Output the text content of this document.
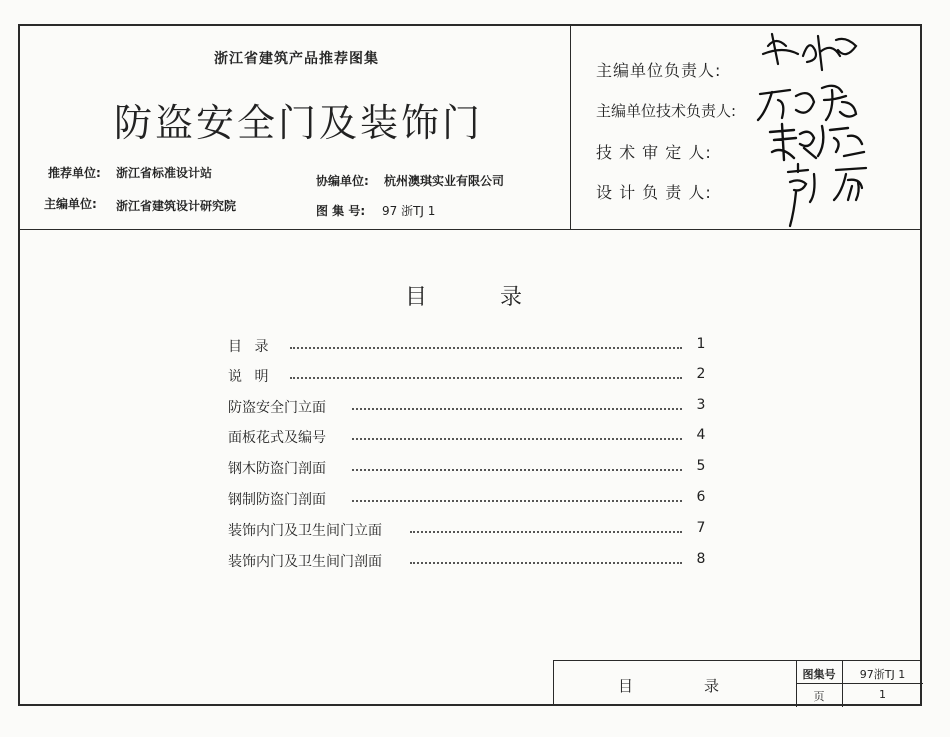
浙江省建筑产品推荐图集
防盗安全门及装饰门
推荐单位: 浙江省标准设计站
主编单位: 浙江省建筑设计研究院
协编单位: 杭州澳琪实业有限公司
图 集 号: 97 浙TJ 1
主编单位负责人:
主编单位技术负责人:
技 术 审 定 人:
设 计 负 责 人:
目	录
目 录	1
说 明	2
防盗安全门立面	3
面板花式及编号	4
钢木防盗门剖面	5
钢制防盗门剖面	6
装饰内门及卫生间门立面	7
装饰内门及卫生间门剖面	8
目	录
图集号	97浙TJ 1
页	1
